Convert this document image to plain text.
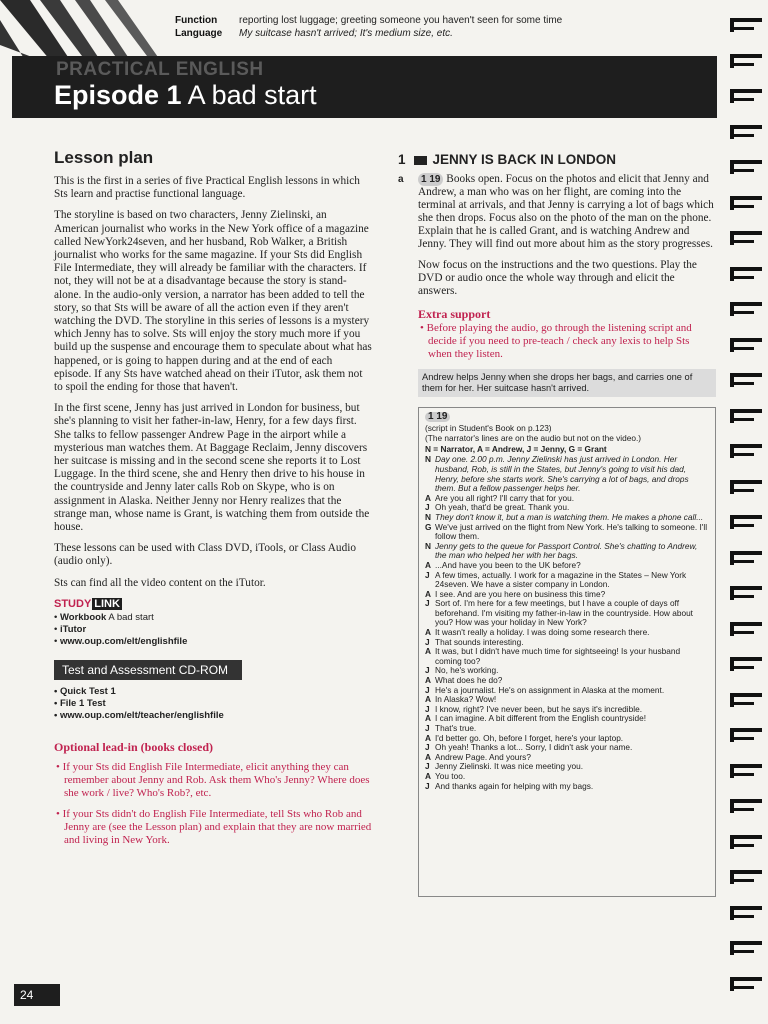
Function reporting lost luggage; greeting someone you haven't seen for some time
Language My suitcase hasn't arrived; It's medium size, etc.
PRACTICAL ENGLISH
Episode 1 A bad start
Lesson plan

This is the first in a series of five Practical English lessons in which Sts learn and practise functional language.

The storyline is based on two characters, Jenny Zielinski, an American journalist who works in the New York office of a magazine called NewYork24seven, and her husband, Rob Walker, a British journalist who works for the same magazine. If your Sts did English File Intermediate, they will already be familiar with the characters. If not, they will not be at a disadvantage because the story is stand-alone. In the audio-only version, a narrator has been added to tell the story, so that Sts will be aware of all the action even if they aren't watching the DVD. The storyline in this series of lessons is a mystery which Jenny has to solve. Sts will enjoy the story much more if you build up the suspense and encourage them to speculate about what has happened, or is going to happen during and at the end of each episode. If any Sts have watched ahead on their iTutor, ask them not to spoil the ending for those that haven't.

In the first scene, Jenny has just arrived in London for business, but she's planning to visit her father-in-law, Henry, for a few days first. She talks to fellow passenger Andrew Page in the airport while a mysterious man watches them. At Baggage Reclaim, Jenny discovers her suitcase is missing and in the second scene she reports it to Lost Luggage. In the third scene, she and Henry then drive to his house in the countryside and Jenny later calls Rob on Skype, who is on assignment in Alaska. Neither Jenny nor Henry realizes that the strange man, whose name is Grant, is watching them from outside the house.

These lessons can be used with Class DVD, iTools, or Class Audio (audio only).

Sts can find all the video content on the iTutor.

STUDY LINK
• Workbook A bad start
• iTutor
• www.oup.com/elt/englishfile
Test and Assessment CD-ROM
• Quick Test 1
• File 1 Test
• www.oup.com/elt/teacher/englishfile
Optional lead-in (books closed)

• If your Sts did English File Intermediate, elicit anything they can remember about Jenny and Rob. Ask them Who's Jenny? Where does she work / live? Who's Rob?, etc.

• If your Sts didn't do English File Intermediate, tell Sts who Rob and Jenny are (see the Lesson plan) and explain that they are now married and living in New York.

1 JENNY IS BACK IN LONDON
a	1 19 Books open. Focus on the photos and elicit that Jenny and Andrew, a man who was on her flight, are coming into the terminal at arrivals, and that Jenny is carrying a lot of bags which she then drops. Focus also on the photo of the man on the phone. Explain that he is called Grant, and is watching Andrew and Jenny. They will find out more about him as the story progresses.

Now focus on the instructions and the two questions. Play the DVD or audio once the whole way through and elicit the answers.

Extra support

• Before playing the audio, go through the listening script and decide if you need to pre-teach / check any lexis to help Sts when they listen.

Andrew helps Jenny when she drops her bags, and carries one of them for her. Her suitcase hasn't arrived.
1 19
(script in Student's Book on p.123)
(The narrator's lines are on the audio but not on the video.)
N = Narrator, A = Andrew, J = Jenny, G = Grant
N Day one. 2.00 p.m. Jenny Zielinski has just arrived in London. Her husband, Rob, is still in the States, but Jenny's going to visit his dad, Henry, before she starts work. She's carrying a lot of bags, and drops them. But a fellow passenger helps her.
A Are you all right? I'll carry that for you.
J Oh yeah, that'd be great. Thank you.
N They don't know it, but a man is watching them. He makes a phone call...
G We've just arrived on the flight from New York. He's talking to someone. I'll follow them.
N Jenny gets to the queue for Passport Control. She's chatting to Andrew, the man who helped her with her bags.
A ...And have you been to the UK before?
J A few times, actually. I work for a magazine in the States – New York 24seven. We have a sister company in London.
A I see. And are you here on business this time?
J Sort of. I'm here for a few meetings, but I have a couple of days off beforehand. I'm visiting my father-in-law in the countryside. How about you? How was your holiday in New York?
A It wasn't really a holiday. I was doing some research there.
J That sounds interesting.
A It was, but I didn't have much time for sightseeing! Is your husband coming too?
J No, he's working.
A What does he do?
J He's a journalist. He's on assignment in Alaska at the moment.
A In Alaska? Wow!
J I know, right? I've never been, but he says it's incredible.
A I can imagine. A bit different from the English countryside!
J That's true.
A I'd better go. Oh, before I forget, here's your laptop.
J Oh yeah! Thanks a lot... Sorry, I didn't ask your name.
A Andrew Page. And yours?
J Jenny Zielinski. It was nice meeting you.
A You too.
J And thanks again for helping with my bags.
24
